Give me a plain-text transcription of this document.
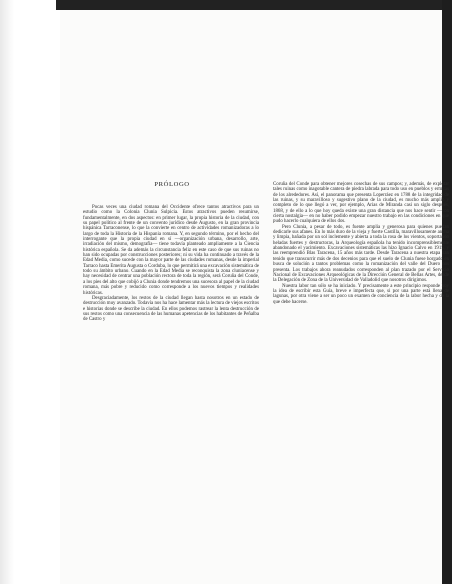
PRÓLOGO

Pocas veces una ciudad romana del Occidente ofrece tantos atractivos para un estudio como la Colonia Clunia Sulpicia. Estos atractivos pueden resumirse, fundamentalmente, en dos aspectos: en primer lugar, la propia historia de la ciudad, con su papel político al frente de un convento jurídico desde Augusto, en la gran provincia hispánica Tarraconense, lo que la convierte en centro de actividades romanizadoras a lo largo de toda la Historia de la Hispania romana. Y, en segundo término, por el hecho del interrogante que la propia ciudad en sí —organización urbana, desarrollo, arte, irradiación del mismo, demografía— tiene todavía planteado ampliamente a la Ciencia histórica española. Se da además la circunstancia feliz en este caso de que sus ruinas no han sido ocupadas por construcciones posteriores; ni su vida ha continuado a través de la Edad Media, como sucede con la mayor parte de las ciudades romanas, desde la imperial Tarraco hasta Emerita Augusta o Corduba, lo que permitirá una excavación sistemática de todo su ámbito urbano. Cuando en la Edad Media se reconquista la zona cluniacense y hay necesidad de centrar una población rectora de toda la región, será Coruña del Conde, a los pies del alto que cobijó a Clunia donde tendremos una sucesora al papel de la ciudad romana, más pobre y reducido como corresponde a los nuevos tiempos y realidades históricas.

Desgraciadamente, los restos de la ciudad llegan hasta nosotros en un estado de destrucción muy avanzado. Todavía nos ha hace lamentar más la lectura de viejos escritos e historias donde se describe la ciudad. En ellos podemos rastrear la lenta destrucción de sus restos como una consecuencia de las humanas apetencias de los habitantes de Peñalba de Castro y

Coruña del Conde para obtener mejores cosechas de sus campos; y, además, de explotar tales ruinas como inagotable cantera de piedra labrada para todo uso en pueblos y ermitas de los alrededores. Así, el panorama que presenta Loperráez en 1788 de la integridad de las ruinas, y su maravilloso y sugestivo plano de la ciudad, es mucho más amplio y completo de lo que llegó a ver, por ejemplo, Arias de Miranda casi un siglo después, 1868, y de ello a lo que hoy queda existe una gran distancia que nos hace sentir —con cierta nostalgia— en no haber podido empezar nuestro trabajo en las condiciones en que pudo hacerlo cualquiera de ellos dos.

Pero Clunia, a pesar de todo, es fuente amplia y generosa para quienes puedan dedicarle sus afanes. En lo más duro de la vieja y fuerte Castilla, maravillosamente ancha y limpia, bañada por un sol inclemente y abierta a toda la rosa de los vientos, soportando heladas fuertes y destructoras, la Arqueología española ha tenido incomprensiblemente abandonado el yacimiento. Excavaciones sistemáticas las hizo Ignacio Calvo en 1915, y las reemprendió Blas Taracena, 15 años más tarde. Desde Taracena a nuestra etapa han tenido que transcurrir más de dos decenios para que el suelo de Clunia fuese horgado en busca de solución a tantos problemas como la romanización del valle del Duero nos presenta. Los trabajos ahora reanudados corresponden al plan trazado por el Servicio Nacional de Excavaciones Arqueológicas de la Dirección General de Bellas Artes, desde la Delegación de Zona de la Universidad de Valladolid que nosotros dirigimos.

Nuestra labor tan sólo se ha iniciado. Y precisamente a este principio responde hoy la idea de escribir esta Guía, breve e imperfecta que, si por una parte está llena de lagunas, por otra viene a ser un poco un examen de conciencia de la labor hecha y de la que debe hacerse.
